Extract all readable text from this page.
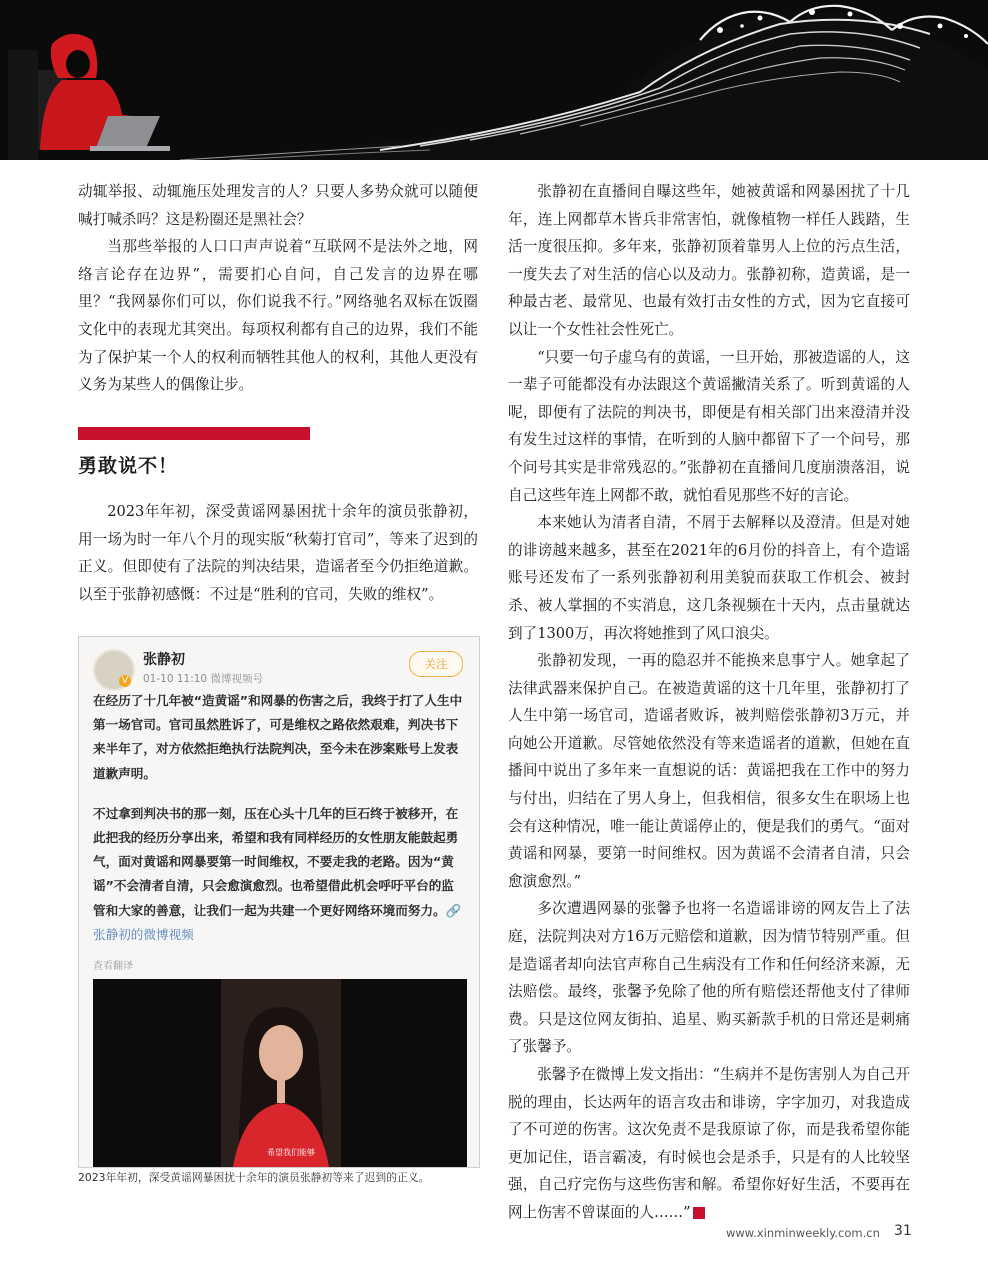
动辄举报、动辄施压处理发言的人？只要人多势众就可以随便喊打喊杀吗？这是粉圈还是黑社会？

当那些举报的人口口声声说着“互联网不是法外之地，网络言论存在边界”，需要扪心自问，自己发言的边界在哪里？“我网暴你们可以，你们说我不行。”网络驰名双标在饭圈文化中的表现尤其突出。每项权利都有自己的边界，我们不能为了保护某一个人的权利而牺牲其他人的权利，其他人更没有义务为某些人的偶像让步。

勇敢说不！

2023年年初，深受黄谣网暴困扰十余年的演员张静初，用一场为时一年八个月的现实版“秋菊打官司”，等来了迟到的正义。但即使有了法院的判决结果，造谣者至今仍拒绝道歉。以至于张静初感慨：不过是“胜利的官司，失败的维权”。

V
张静初
01-10 11:10 微博视频号
关注

在经历了十几年被“造黄谣”和网暴的伤害之后，我终于打了人生中第一场官司。官司虽然胜诉了，可是维权之路依然艰难，判决书下来半年了，对方依然拒绝执行法院判决，至今未在涉案账号上发表道歉声明。

不过拿到判决书的那一刻，压在心头十几年的巨石终于被移开，在此把我的经历分享出来，希望和我有同样经历的女性朋友能鼓起勇气，面对黄谣和网暴要第一时间维权，不要走我的老路。因为“黄谣”不会清者自清，只会愈演愈烈。也希望借此机会呼吁平台的监管和大家的善意，让我们一起为共建一个更好网络环境而努力。🔗 张静初的微博视频

查看翻译
希望我们能够
2023年年初，深受黄谣网暴困扰十余年的演员张静初等来了迟到的正义。

张静初在直播间自曝这些年，她被黄谣和网暴困扰了十几年，连上网都草木皆兵非常害怕，就像植物一样任人践踏，生活一度很压抑。多年来，张静初顶着靠男人上位的污点生活，一度失去了对生活的信心以及动力。张静初称，造黄谣，是一种最古老、最常见、也最有效打击女性的方式，因为它直接可以让一个女性社会性死亡。

“只要一句子虚乌有的黄谣，一旦开始，那被造谣的人，这一辈子可能都没有办法跟这个黄谣撇清关系了。听到黄谣的人呢，即便有了法院的判决书，即便是有相关部门出来澄清并没有发生过这样的事情，在听到的人脑中都留下了一个问号，那个问号其实是非常残忍的。”张静初在直播间几度崩溃落泪，说自己这些年连上网都不敢，就怕看见那些不好的言论。

本来她认为清者自清，不屑于去解释以及澄清。但是对她的诽谤越来越多，甚至在2021年的6月份的抖音上，有个造谣账号还发布了一系列张静初利用美貌而获取工作机会、被封杀、被人掌掴的不实消息，这几条视频在十天内，点击量就达到了1300万，再次将她推到了风口浪尖。

张静初发现，一再的隐忍并不能换来息事宁人。她拿起了法律武器来保护自己。在被造黄谣的这十几年里，张静初打了人生中第一场官司，造谣者败诉，被判赔偿张静初3万元，并向她公开道歉。尽管她依然没有等来造谣者的道歉，但她在直播间中说出了多年来一直想说的话：黄谣把我在工作中的努力与付出，归结在了男人身上，但我相信，很多女生在职场上也会有这种情况，唯一能让黄谣停止的，便是我们的勇气。“面对黄谣和网暴，要第一时间维权。因为黄谣不会清者自清，只会愈演愈烈。”

多次遭遇网暴的张馨予也将一名造谣诽谤的网友告上了法庭，法院判决对方16万元赔偿和道歉，因为情节特别严重。但是造谣者却向法官声称自己生病没有工作和任何经济来源，无法赔偿。最终，张馨予免除了他的所有赔偿还帮他支付了律师费。只是这位网友街拍、追星、购买新款手机的日常还是刺痛了张馨予。

张馨予在微博上发文指出：“生病并不是伤害别人为自己开脱的理由，长达两年的语言攻击和诽谤，字字加刃，对我造成了不可逆的伤害。这次免责不是我原谅了你，而是我希望你能更加记住，语言霸凌，有时候也会是杀手，只是有的人比较坚强，自己疗完伤与这些伤害和解。希望你好好生活，不要再在网上伤害不曾谋面的人……”	民

www.xinminweekly.com.cn 31
